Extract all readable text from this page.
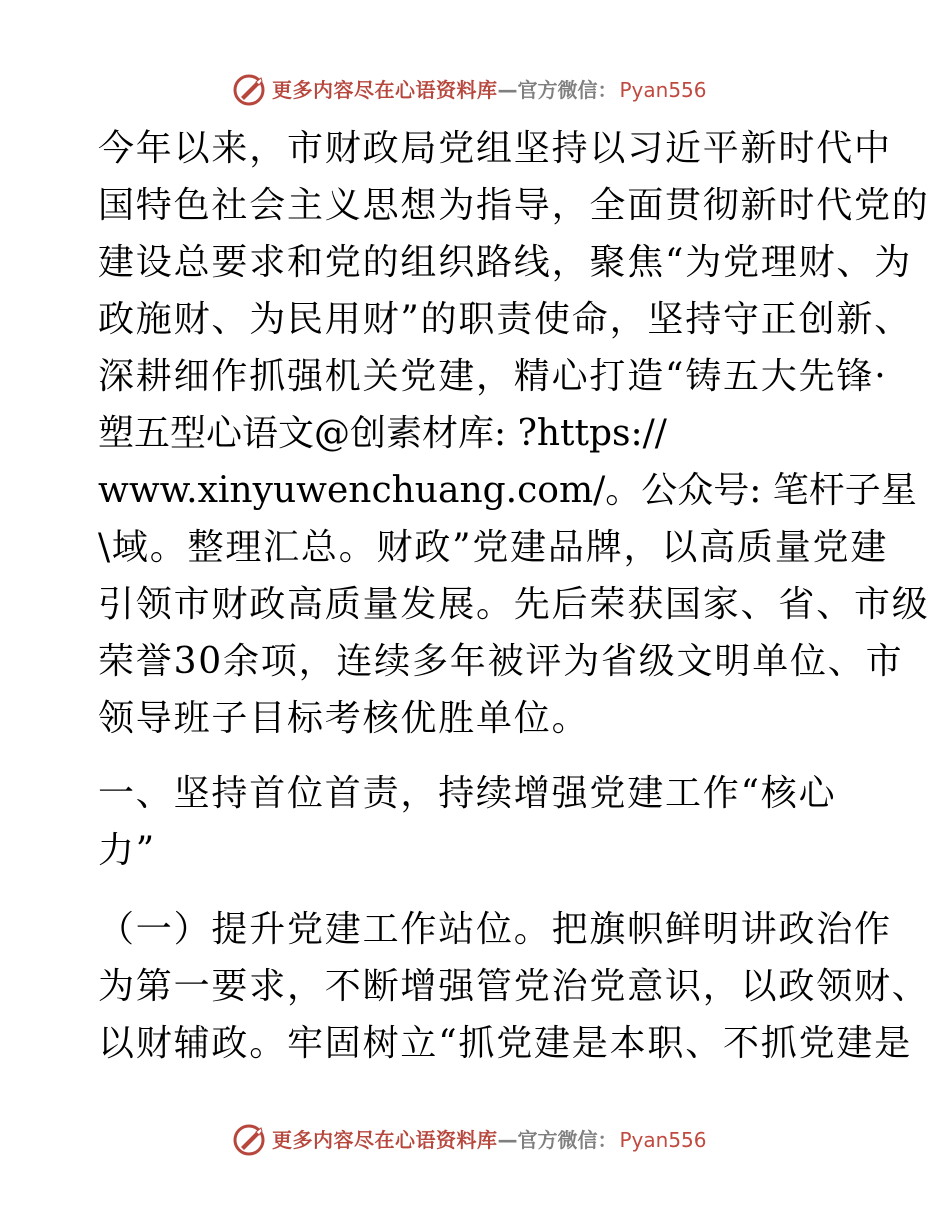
更多内容尽在心语资料库 —官方微信： Pyan556
今年以来，市财政局党组坚持以习近平新时代中
国特色社会主义思想为指导，全面贯彻新时代党的
建设总要求和党的组织路线，聚焦“为党理财、为
政施财、为民用财”的职责使命，坚持守正创新、
深耕细作抓强机关党建，精心打造“铸五大先锋·
塑五型心语文@创素材库: ?https://
www.xinyuwenchuang.com/。公众号: 笔杆子星
\域。整理汇总。财政”党建品牌，以高质量党建
引领市财政高质量发展。先后荣获国家、省、市级
荣誉30余项，连续多年被评为省级文明单位、市
领导班子目标考核优胜单位。
一、坚持首位首责，持续增强党建工作“核心
力”
（一）提升党建工作站位。把旗帜鲜明讲政治作
为第一要求，不断增强管党治党意识，以政领财、
以财辅政。牢固树立“抓党建是本职、不抓党建是
更多内容尽在心语资料库 —官方微信： Pyan556
